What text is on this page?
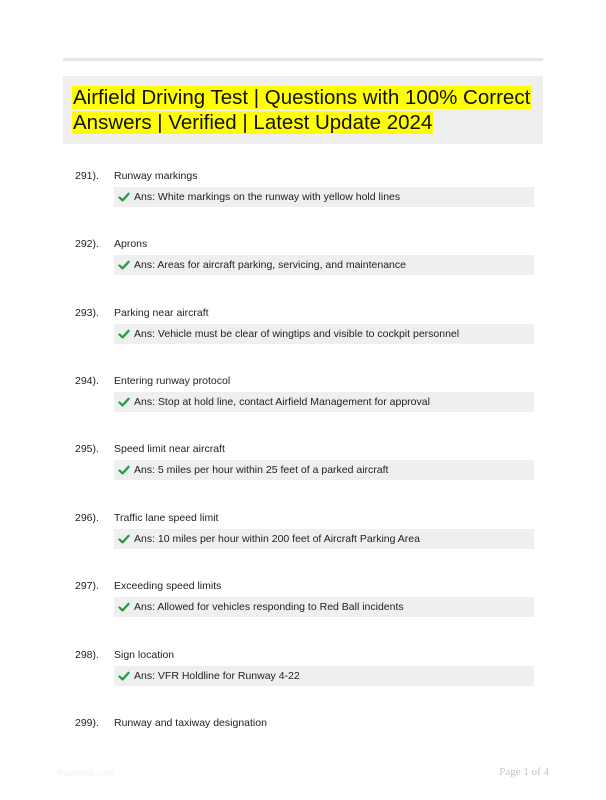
Airfield Driving Test | Questions with 100% Correct Answers | Verified | Latest Update 2024
291). Runway markings
Ans: White markings on the runway with yellow hold lines
292). Aprons
Ans: Areas for aircraft parking, servicing, and maintenance
293). Parking near aircraft
Ans: Vehicle must be clear of wingtips and visible to cockpit personnel
294). Entering runway protocol
Ans: Stop at hold line, contact Airfield Management for approval
295). Speed limit near aircraft
Ans: 5 miles per hour within 25 feet of a parked aircraft
296). Traffic lane speed limit
Ans: 10 miles per hour within 200 feet of Aircraft Parking Area
297). Exceeding speed limits
Ans: Allowed for vehicles responding to Red Ball incidents
298). Sign location
Ans: VFR Holdline for Runway 4-22
299). Runway and taxiway designation
Paperbliz.com	Page 1 of 4
